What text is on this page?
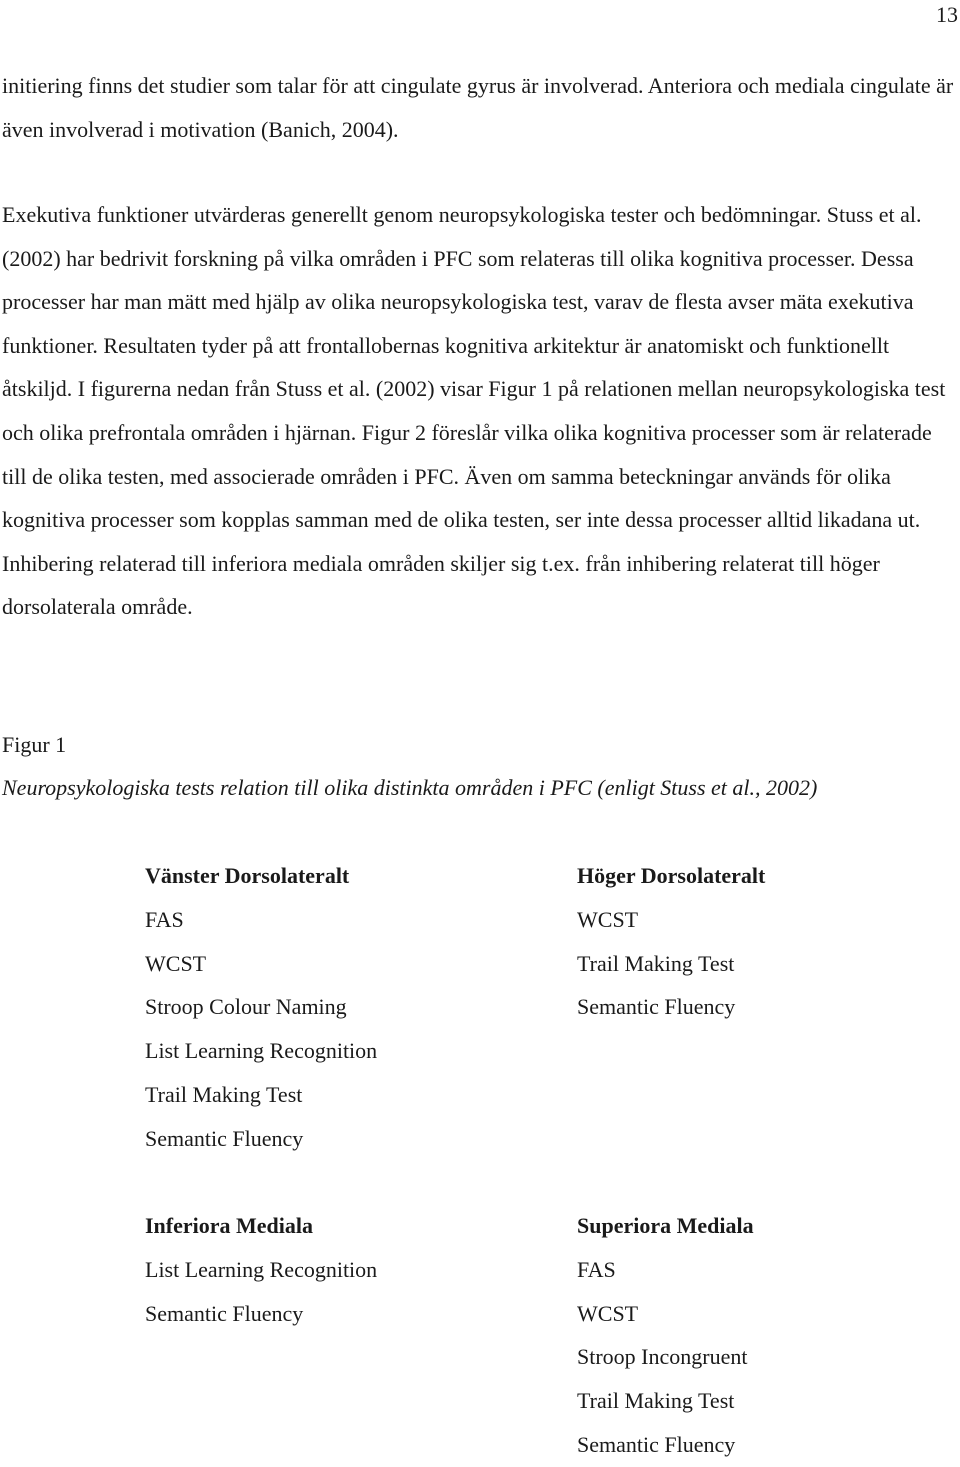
13

initiering finns det studier som talar för att cingulate gyrus är involverad. Anteriora och mediala cingulate är även involverad i motivation (Banich, 2004).

Exekutiva funktioner utvärderas generellt genom neuropsykologiska tester och bedömningar. Stuss et al. (2002) har bedrivit forskning på vilka områden i PFC som relateras till olika kognitiva processer. Dessa processer har man mätt med hjälp av olika neuropsykologiska test, varav de flesta avser mäta exekutiva funktioner. Resultaten tyder på att frontallobernas kognitiva arkitektur är anatomiskt och funktionellt åtskiljd. I figurerna nedan från Stuss et al. (2002) visar Figur 1 på relationen mellan neuropsykologiska test och olika prefrontala områden i hjärnan. Figur 2 föreslår vilka olika kognitiva processer som är relaterade till de olika testen, med associerade områden i PFC. Även om samma beteckningar används för olika kognitiva processer som kopplas samman med de olika testen, ser inte dessa processer alltid likadana ut. Inhibering relaterad till inferiora mediala områden skiljer sig t.ex. från inhibering relaterat till höger dorsolaterala område.

Figur 1

Neuropsykologiska tests relation till olika distinkta områden i PFC (enligt Stuss et al., 2002)

Vänster Dorsolateralt
FAS
WCST
Stroop Colour Naming
List Learning Recognition
Trail Making Test
Semantic Fluency
Höger Dorsolateralt
WCST
Trail Making Test
Semantic Fluency
Inferiora Mediala
List Learning Recognition
Semantic Fluency
Superiora Mediala
FAS
WCST
Stroop Incongruent
Trail Making Test
Semantic Fluency
